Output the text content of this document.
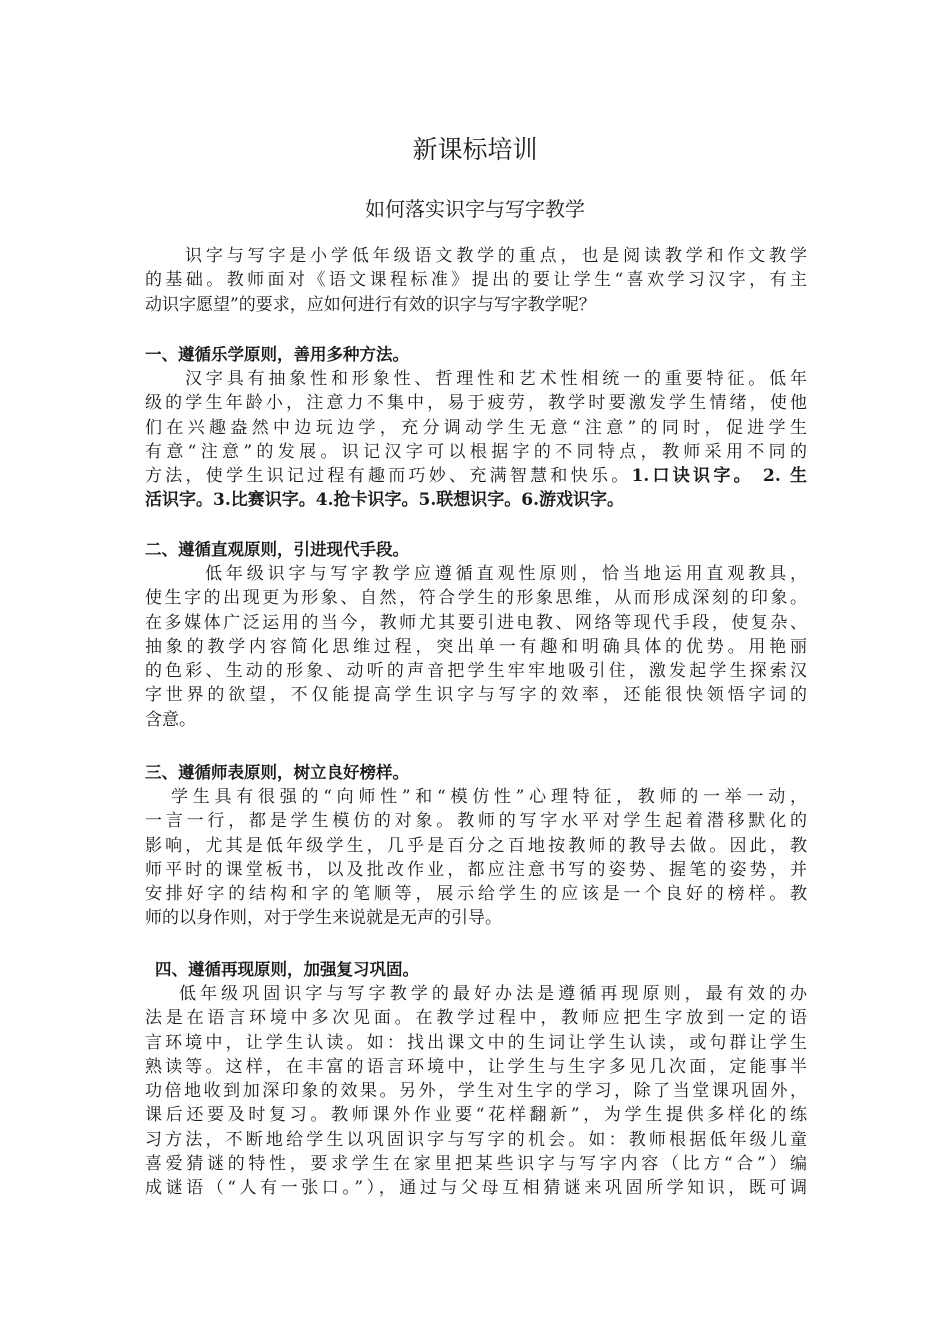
新课标培训
如何落实识字与写字教学
识字与写字是小学低年级语文教学的重点，也是阅读教学和作文教学
的基础。教师面对《语文课程标准》提出的要让学生“喜欢学习汉字，有主
动识字愿望”的要求，应如何进行有效的识字与写字教学呢？
一、遵循乐学原则，善用多种方法。
汉字具有抽象性和形象性、哲理性和艺术性相统一的重要特征。低年
级的学生年龄小，注意力不集中，易于疲劳，教学时要激发学生情绪，使他
们在兴趣盎然中边玩边学，充分调动学生无意“注意”的同时，促进学生
有意“注意”的发展。识记汉字可以根据字的不同特点，教师采用不同的
方法，使学生识记过程有趣而巧妙、充满智慧和快乐。1.口诀识字。 2. 生
活识字。3.比赛识字。4.抢卡识字。5.联想识字。6.游戏识字。
二、遵循直观原则，引进现代手段。
低年级识字与写字教学应遵循直观性原则，恰当地运用直观教具，
使生字的出现更为形象、自然，符合学生的形象思维，从而形成深刻的印象。
在多媒体广泛运用的当今，教师尤其要引进电教、网络等现代手段，使复杂、
抽象的教学内容简化思维过程，突出单一有趣和明确具体的优势。用艳丽
的色彩、生动的形象、动听的声音把学生牢牢地吸引住，激发起学生探索汉
字世界的欲望，不仅能提高学生识字与写字的效率，还能很快领悟字词的
含意。
三、遵循师表原则，树立良好榜样。
学生具有很强的“向师性”和“模仿性”心理特征，教师的一举一动，
一言一行，都是学生模仿的对象。教师的写字水平对学生起着潜移默化的
影响，尤其是低年级学生，几乎是百分之百地按教师的教导去做。因此，教
师平时的课堂板书，以及批改作业，都应注意书写的姿势、握笔的姿势，并
安排好字的结构和字的笔顺等，展示给学生的应该是一个良好的榜样。教
师的以身作则，对于学生来说就是无声的引导。
四、遵循再现原则，加强复习巩固。
低年级巩固识字与写字教学的最好办法是遵循再现原则，最有效的办
法是在语言环境中多次见面。在教学过程中，教师应把生字放到一定的语
言环境中，让学生认读。如：找出课文中的生词让学生认读，或句群让学生
熟读等。这样，在丰富的语言环境中，让学生与生字多见几次面，定能事半
功倍地收到加深印象的效果。另外，学生对生字的学习，除了当堂课巩固外，
课后还要及时复习。教师课外作业要“花样翻新”，为学生提供多样化的练
习方法，不断地给学生以巩固识字与写字的机会。如：教师根据低年级儿童
喜爱猜谜的特性，要求学生在家里把某些识字与写字内容（比方“合”）编
成谜语（“人有一张口。”），通过与父母互相猜谜来巩固所学知识，既可调
